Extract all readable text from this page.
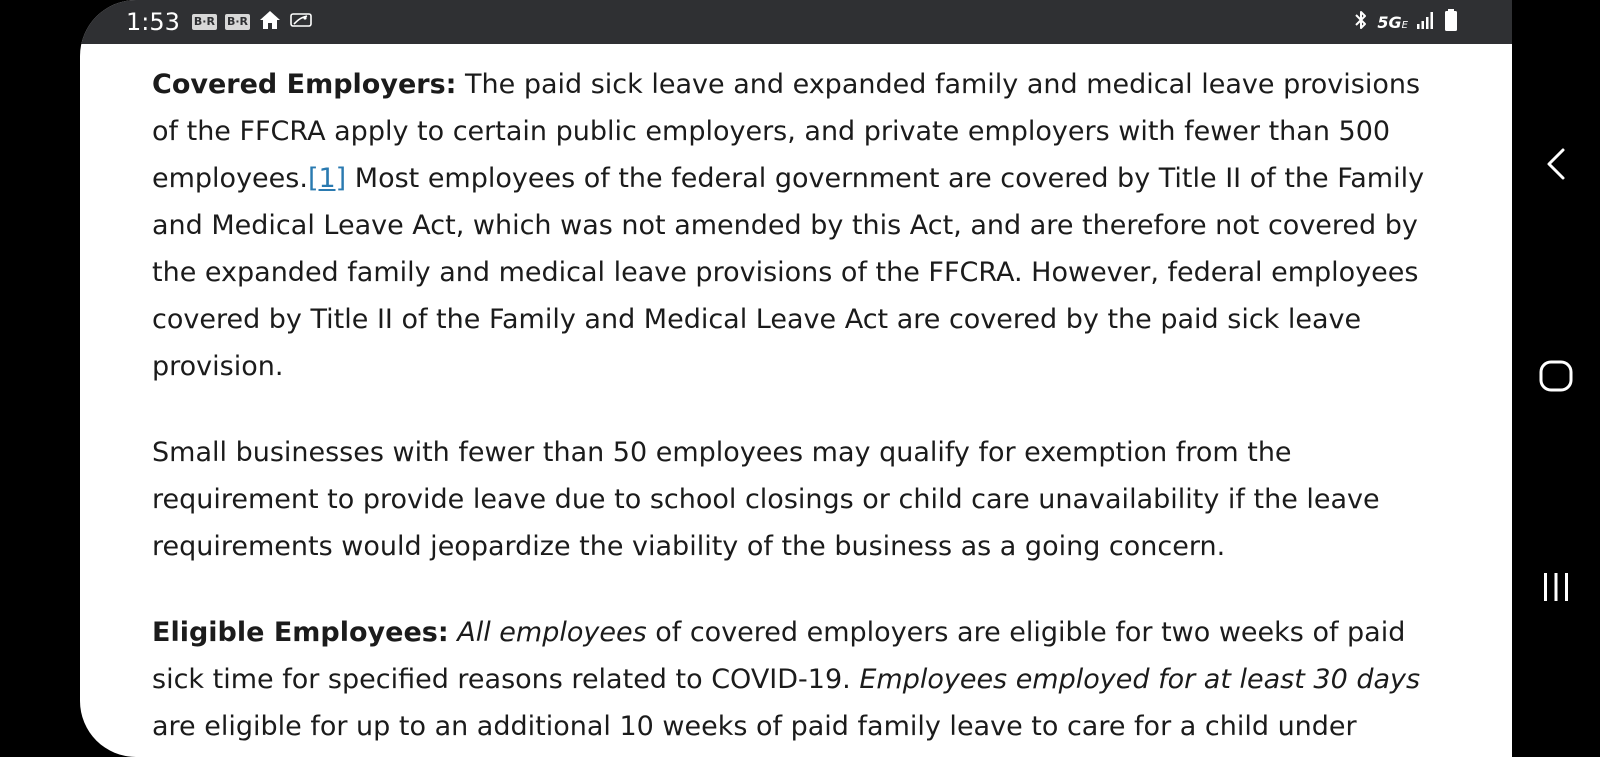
1:53 B·R B·R	5GE

Covered Employers: The paid sick leave and expanded family and medical leave provisions of the FFCRA apply to certain public employers, and private employers with fewer than 500 employees.[1] Most employees of the federal government are covered by Title II of the Family and Medical Leave Act, which was not amended by this Act, and are therefore not covered by the expanded family and medical leave provisions of the FFCRA. However, federal employees covered by Title II of the Family and Medical Leave Act are covered by the paid sick leave provision.

Small businesses with fewer than 50 employees may qualify for exemption from the requirement to provide leave due to school closings or child care unavailability if the leave requirements would jeopardize the viability of the business as a going concern.

Eligible Employees: All employees of covered employers are eligible for two weeks of paid sick time for specified reasons related to COVID-19. Employees employed for at least 30 days are eligible for up to an additional 10 weeks of paid family leave to care for a child under
